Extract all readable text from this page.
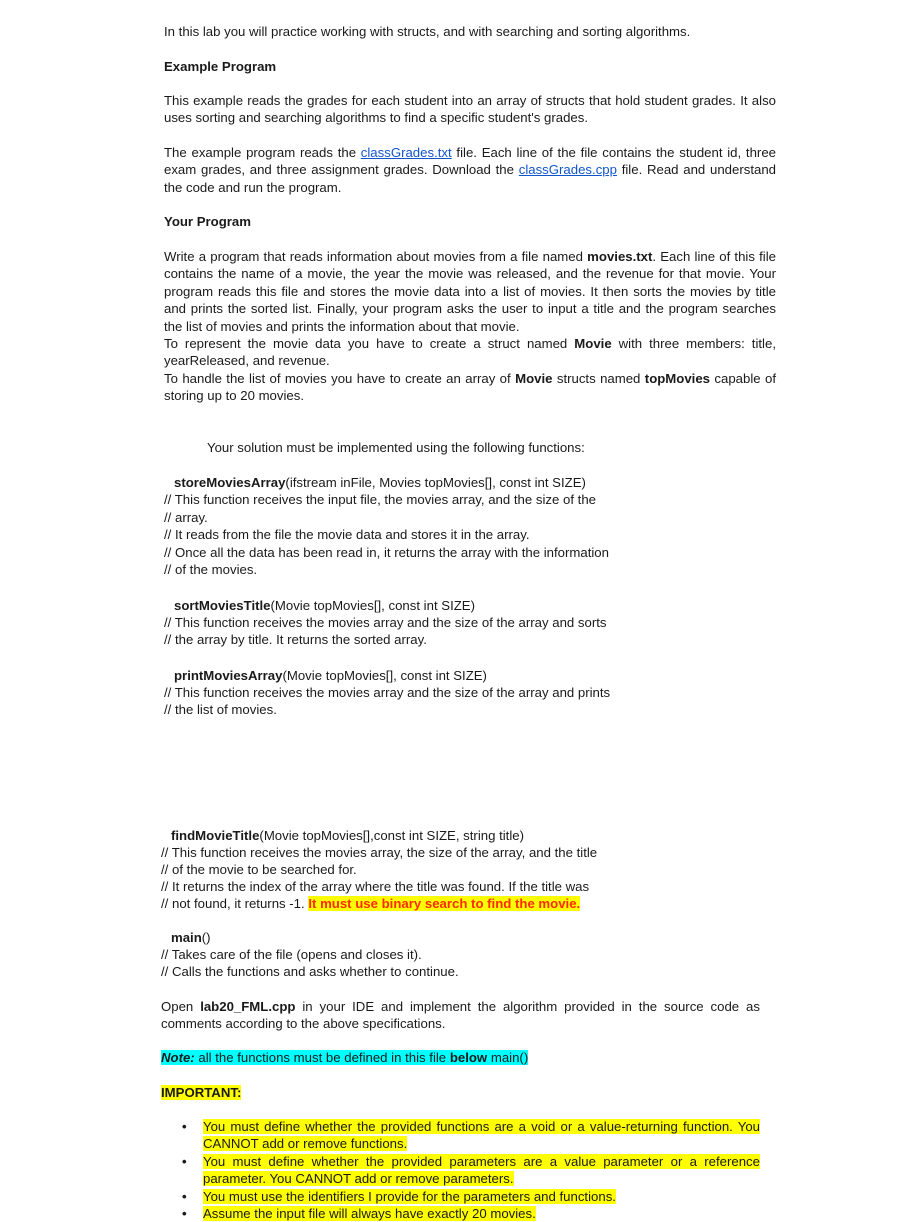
In this lab you will practice working with structs, and with searching and sorting algorithms.
Example Program
This example reads the grades for each student into an array of structs that hold student grades. It also uses sorting and searching algorithms to find a specific student's grades.
The example program reads the classGrades.txt file. Each line of the file contains the student id, three exam grades, and three assignment grades. Download the classGrades.cpp file. Read and understand the code and run the program.
Your Program
Write a program that reads information about movies from a file named movies.txt. Each line of this file contains the name of a movie, the year the movie was released, and the revenue for that movie. Your program reads this file and stores the movie data into a list of movies. It then sorts the movies by title and prints the sorted list. Finally, your program asks the user to input a title and the program searches the list of movies and prints the information about that movie.
To represent the movie data you have to create a struct named Movie with three members: title, yearReleased, and revenue.
To handle the list of movies you have to create an array of Movie structs named topMovies capable of storing up to 20 movies.
Your solution must be implemented using the following functions:
storeMoviesArray(ifstream inFile, Movies topMovies[], const int SIZE)
// This function receives the input file, the movies array, and the size of the
// array.
// It reads from the file the movie data and stores it in the array.
// Once all the data has been read in, it returns the array with the information
// of the movies.
sortMoviesTitle(Movie topMovies[], const int SIZE)
// This function receives the movies array and the size of the array and sorts
// the array by title. It returns the sorted array.
printMoviesArray(Movie topMovies[], const int SIZE)
// This function receives the movies array and the size of the array and prints
// the list of movies.
findMovieTitle(Movie topMovies[],const int SIZE, string title)
// This function receives the movies array, the size of the array, and the title
// of the movie to be searched for.
// It returns the index of the array where the title was found. If the title was
// not found, it returns -1. It must use binary search to find the movie.
main()
// Takes care of the file (opens and closes it).
// Calls the functions and asks whether to continue.
Open lab20_FML.cpp in your IDE and implement the algorithm provided in the source code as comments according to the above specifications.
Note: all the functions must be defined in this file below main()
IMPORTANT:
• You must define whether the provided functions are a void or a value-returning function. You CANNOT add or remove functions.
• You must define whether the provided parameters are a value parameter or a reference parameter. You CANNOT add or remove parameters.
• You must use the identifiers I provide for the parameters and functions.
• Assume the input file will always have exactly 20 movies.
